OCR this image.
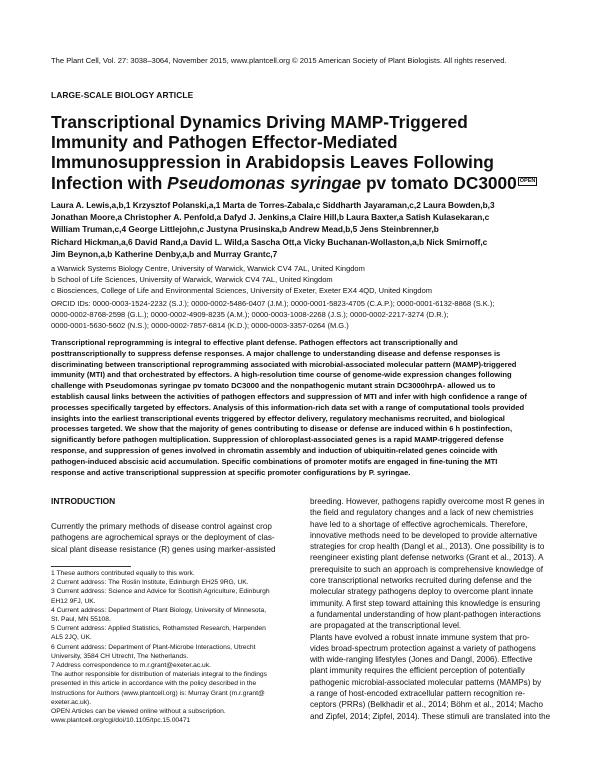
The Plant Cell, Vol. 27: 3038–3064, November 2015, www.plantcell.org © 2015 American Society of Plant Biologists. All rights reserved.
LARGE-SCALE BIOLOGY ARTICLE
Transcriptional Dynamics Driving MAMP-Triggered
Immunity and Pathogen Effector-Mediated
Immunosuppression in Arabidopsis Leaves Following
Infection with Pseudomonas syringae pv tomato DC3000 OPEN
Laura A. Lewis,a,b,1 Krzysztof Polanski,a,1 Marta de Torres-Zabala,c Siddharth Jayaraman,c,2 Laura Bowden,b,3
Jonathan Moore,a Christopher A. Penfold,a Dafyd J. Jenkins,a Claire Hill,b Laura Baxter,a Satish Kulasekaran,c
William Truman,c,4 George Littlejohn,c Justyna Prusinska,b Andrew Mead,b,5 Jens Steinbrenner,b
Richard Hickman,a,6 David Rand,a David L. Wild,a Sascha Ott,a Vicky Buchanan-Wollaston,a,b Nick Smirnoff,c
Jim Beynon,a,b Katherine Denby,a,b and Murray Grantc,7
a Warwick Systems Biology Centre, University of Warwick, Warwick CV4 7AL, United Kingdom
b School of Life Sciences, University of Warwick, Warwick CV4 7AL, United Kingdom
c Biosciences, College of Life and Environmental Sciences, University of Exeter, Exeter EX4 4QD, United Kingdom
ORCID IDs: 0000-0003-1524-2232 (S.J.); 0000-0002-5486-0407 (J.M.); 0000-0001-5823-4705 (C.A.P.); 0000-0001-6132-8868 (S.K.);
0000-0002-8768-2598 (G.L.); 0000-0002-4909-8235 (A.M.); 0000-0003-1008-2268 (J.S.); 0000-0002-2217-3274 (D.R.);
0000-0001-5630-5602 (N.S.); 0000-0002-7857-6814 (K.D.); 0000-0003-3357-0264 (M.G.)
Transcriptional reprogramming is integral to effective plant defense. Pathogen effectors act transcriptionally and
posttranscriptionally to suppress defense responses. A major challenge to understanding disease and defense responses is
discriminating between transcriptional reprogramming associated with microbial-associated molecular pattern (MAMP)-triggered
immunity (MTI) and that orchestrated by effectors. A high-resolution time course of genome-wide expression changes following
challenge with Pseudomonas syringae pv tomato DC3000 and the nonpathogenic mutant strain DC3000hrpA- allowed us to
establish causal links between the activities of pathogen effectors and suppression of MTI and infer with high confidence a range of
processes specifically targeted by effectors. Analysis of this information-rich data set with a range of computational tools provided
insights into the earliest transcriptional events triggered by effector delivery, regulatory mechanisms recruited, and biological
processes targeted. We show that the majority of genes contributing to disease or defense are induced within 6 h postinfection,
significantly before pathogen multiplication. Suppression of chloroplast-associated genes is a rapid MAMP-triggered defense
response, and suppression of genes involved in chromatin assembly and induction of ubiquitin-related genes coincide with
pathogen-induced abscisic acid accumulation. Specific combinations of promoter motifs are engaged in fine-tuning the MTI
response and active transcriptional suppression at specific promoter configurations by P. syringae.
INTRODUCTION
Currently the primary methods of disease control against crop
pathogens are agrochemical sprays or the deployment of clas-
sical plant disease resistance (R) genes using marker-assisted
1 These authors contributed equally to this work.
2 Current address: The Roslin Institute, Edinburgh EH25 9RG, UK.
3 Current address: Science and Advice for Scottish Agriculture, Edinburgh
EH12 9FJ, UK.
4 Current address: Department of Plant Biology, University of Minnesota,
St. Paul, MN 55108.
5 Current address: Applied Statistics, Rothamsted Research, Harpenden
AL5 2JQ, UK.
6 Current address: Department of Plant-Microbe Interactions, Utrecht
University, 3584 CH Utrecht, The Netherlands.
7 Address correspondence to m.r.grant@exeter.ac.uk.
The author responsible for distribution of materials integral to the findings
presented in this article in accordance with the policy described in the
Instructions for Authors (www.plantcell.org) is: Murray Grant (m.r.grant@
exeter.ac.uk).
OPEN Articles can be viewed online without a subscription.
www.plantcell.org/cgi/doi/10.1105/tpc.15.00471
breeding. However, pathogens rapidly overcome most R genes in
the field and regulatory changes and a lack of new chemistries
have led to a shortage of effective agrochemicals. Therefore,
innovative methods need to be developed to provide alternative
strategies for crop health (Dangl et al., 2013). One possibility is to
reengineer existing plant defense networks (Grant et al., 2013). A
prerequisite to such an approach is comprehensive knowledge of
core transcriptional networks recruited during defense and the
molecular strategy pathogens deploy to overcome plant innate
immunity. A first step toward attaining this knowledge is ensuring
a fundamental understanding of how plant-pathogen interactions
are propagated at the transcriptional level.
Plants have evolved a robust innate immune system that pro-
vides broad-spectrum protection against a variety of pathogens
with wide-ranging lifestyles (Jones and Dangl, 2006). Effective
plant immunity requires the efficient perception of potentially
pathogenic microbial-associated molecular patterns (MAMPs) by
a range of host-encoded extracellular pattern recognition re-
ceptors (PRRs) (Belkhadir et al., 2014; Böhm et al., 2014; Macho
and Zipfel, 2014; Zipfel, 2014). These stimuli are translated into the
